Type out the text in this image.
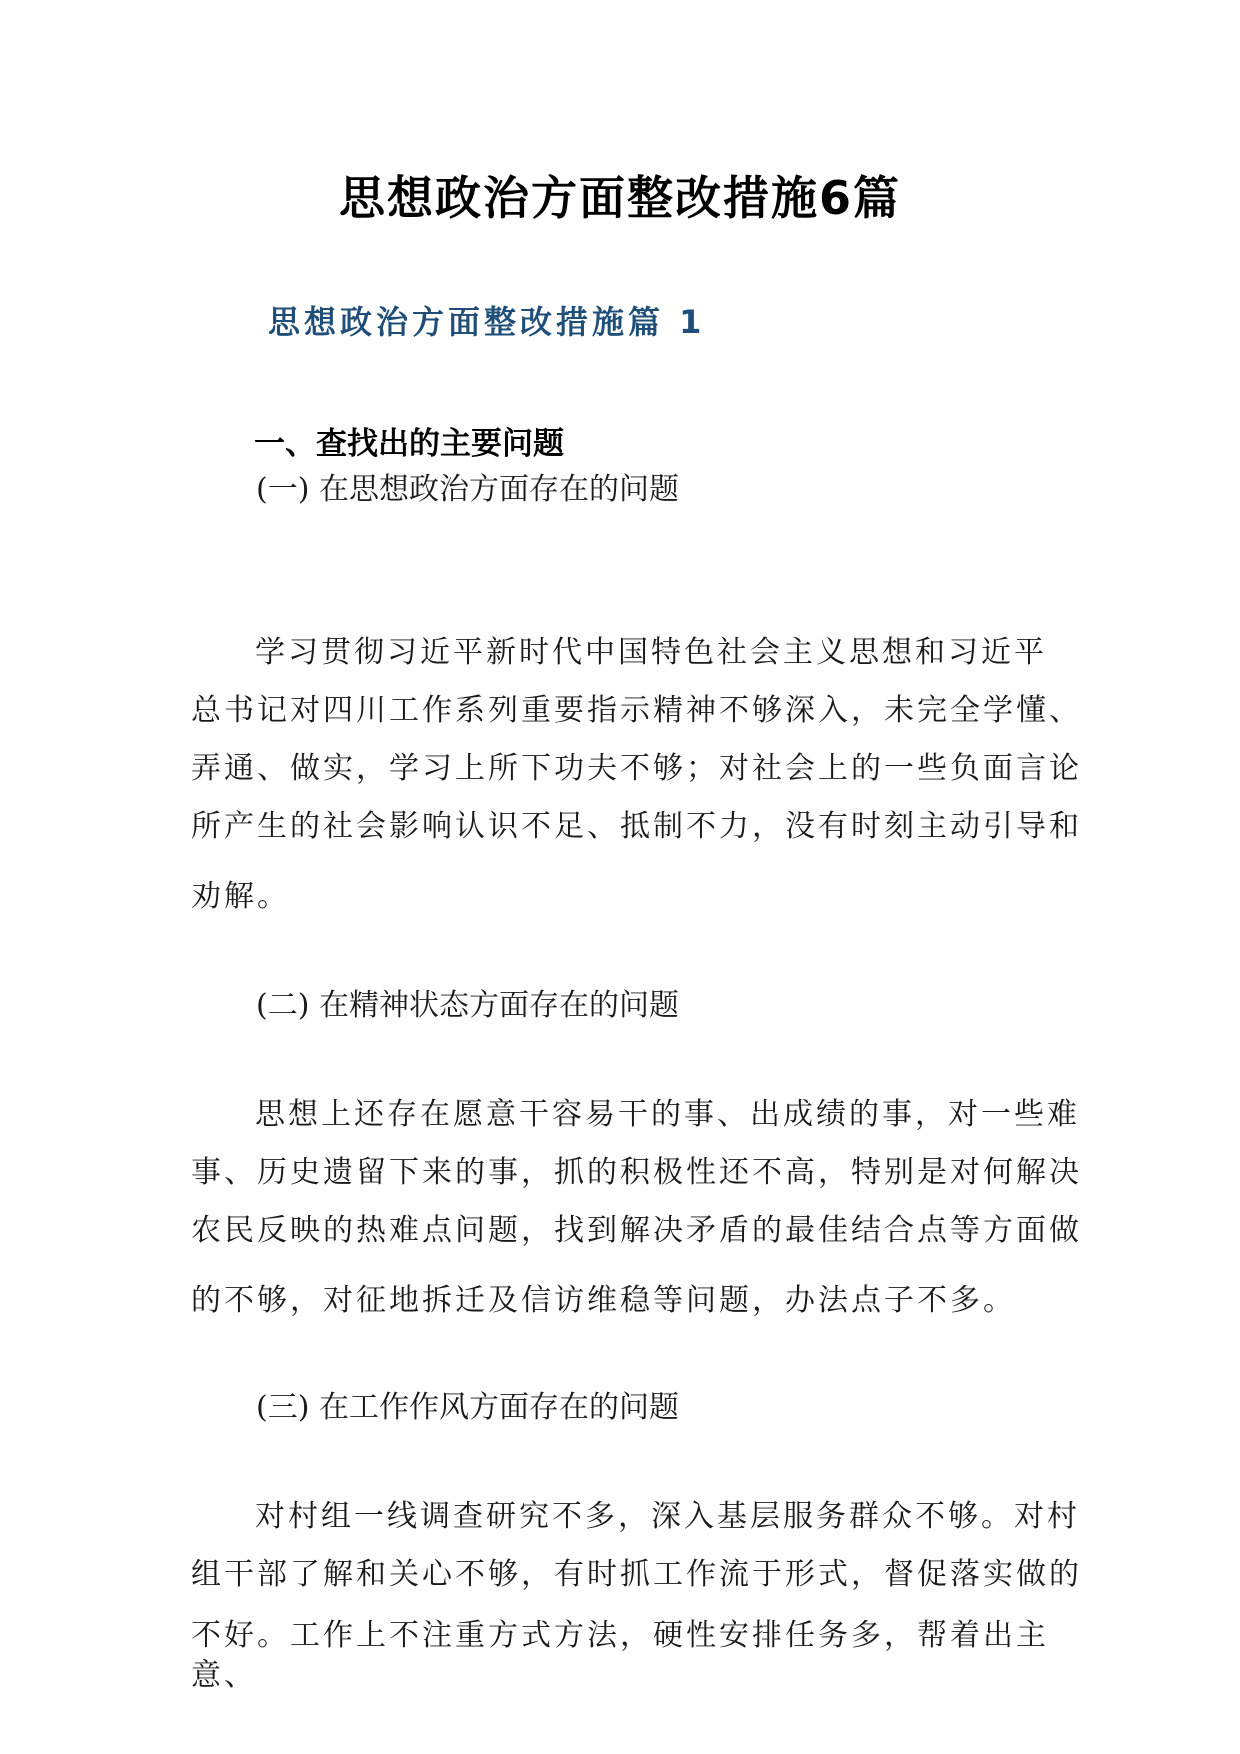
思想政治方面整改措施6篇
思想政治方面整改措施篇 1
一、查找出的主要问题
(一) 在思想政治方面存在的问题
学习贯彻习近平新时代中国特色社会主义思想和习近平
总书记对四川工作系列重要指示精神不够深入，未完全学懂、
弄通、做实，学习上所下功夫不够；对社会上的一些负面言论
所产生的社会影响认识不足、抵制不力，没有时刻主动引导和
劝解。
(二) 在精神状态方面存在的问题
思想上还存在愿意干容易干的事、出成绩的事，对一些难
事、历史遗留下来的事，抓的积极性还不高，特别是对何解决
农民反映的热难点问题，找到解决矛盾的最佳结合点等方面做
的不够，对征地拆迁及信访维稳等问题，办法点子不多。
(三) 在工作作风方面存在的问题
对村组一线调查研究不多，深入基层服务群众不够。对村
组干部了解和关心不够，有时抓工作流于形式，督促落实做的
不好。工作上不注重方式方法，硬性安排任务多，帮着出主
意、
